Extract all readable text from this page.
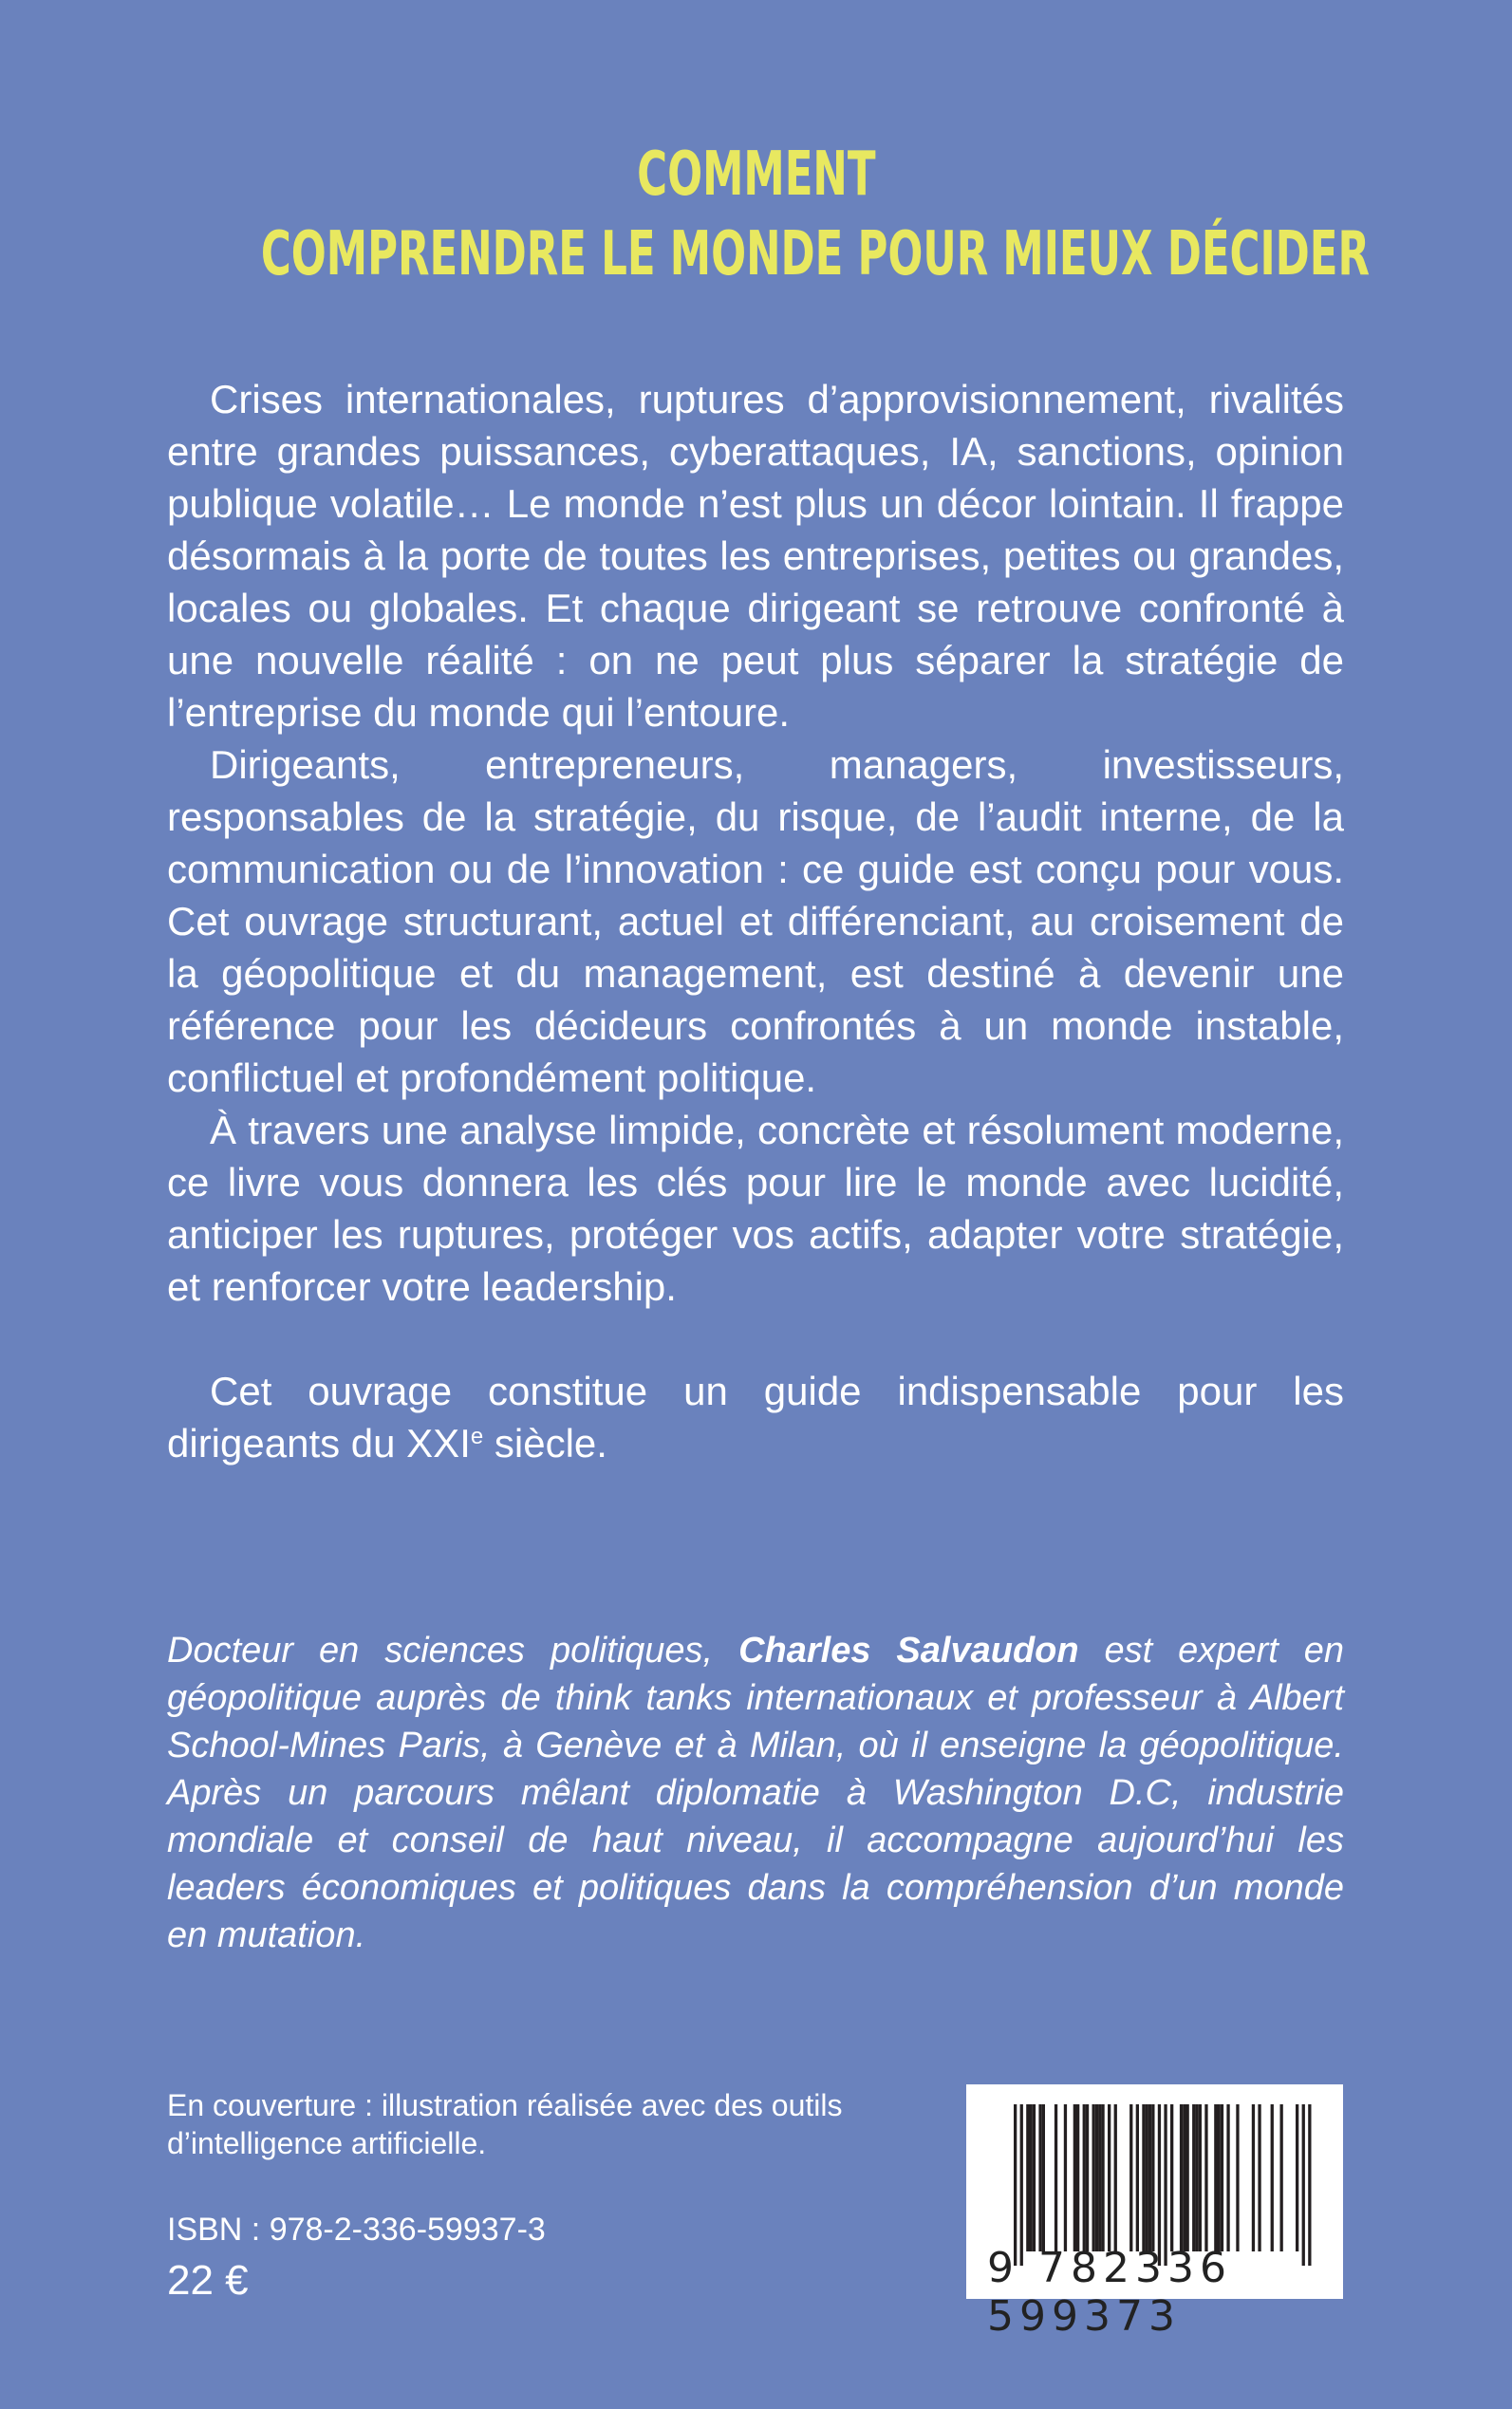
COMMENT
COMPRENDRE LE MONDE POUR MIEUX DÉCIDER

Crises internationales, ruptures d’approvisionnement, rivalités entre grandes puissances, cyberattaques, IA, sanctions, opinion publique volatile… Le monde n’est plus un décor lointain. Il frappe désormais à la porte de toutes les entreprises, petites ou grandes, locales ou globales. Et chaque dirigeant se retrouve confronté à une nouvelle réalité : on ne peut plus séparer la stratégie de l’entreprise du monde qui l’entoure.

Dirigeants, entrepreneurs, managers, investisseurs, responsables de la stratégie, du risque, de l’audit interne, de la communication ou de l’innovation : ce guide est conçu pour vous. Cet ouvrage structurant, actuel et différenciant, au croisement de la géopolitique et du management, est destiné à devenir une référence pour les décideurs confrontés à un monde instable, conflictuel et profondément politique.

À travers une analyse limpide, concrète et résolument moderne, ce livre vous donnera les clés pour lire le monde avec lucidité, anticiper les ruptures, protéger vos actifs, adapter votre stratégie, et renforcer votre leadership.

Cet ouvrage constitue un guide indispensable pour les dirigeants du XXIe siècle.

Docteur en sciences politiques, Charles Salvaudon est expert en géopolitique auprès de think tanks internationaux et professeur à Albert School-Mines Paris, à Genève et à Milan, où il enseigne la géopolitique. Après un parcours mêlant diplomatie à Washington D.C, industrie mondiale et conseil de haut niveau, il accompagne aujourd’hui les leaders économiques et politiques dans la compréhension d’un monde en mutation.
En couverture : illustration réalisée avec des outils d’intelligence artificielle.
ISBN : 978-2-336-59937-3
22 €	9 782336 599373
